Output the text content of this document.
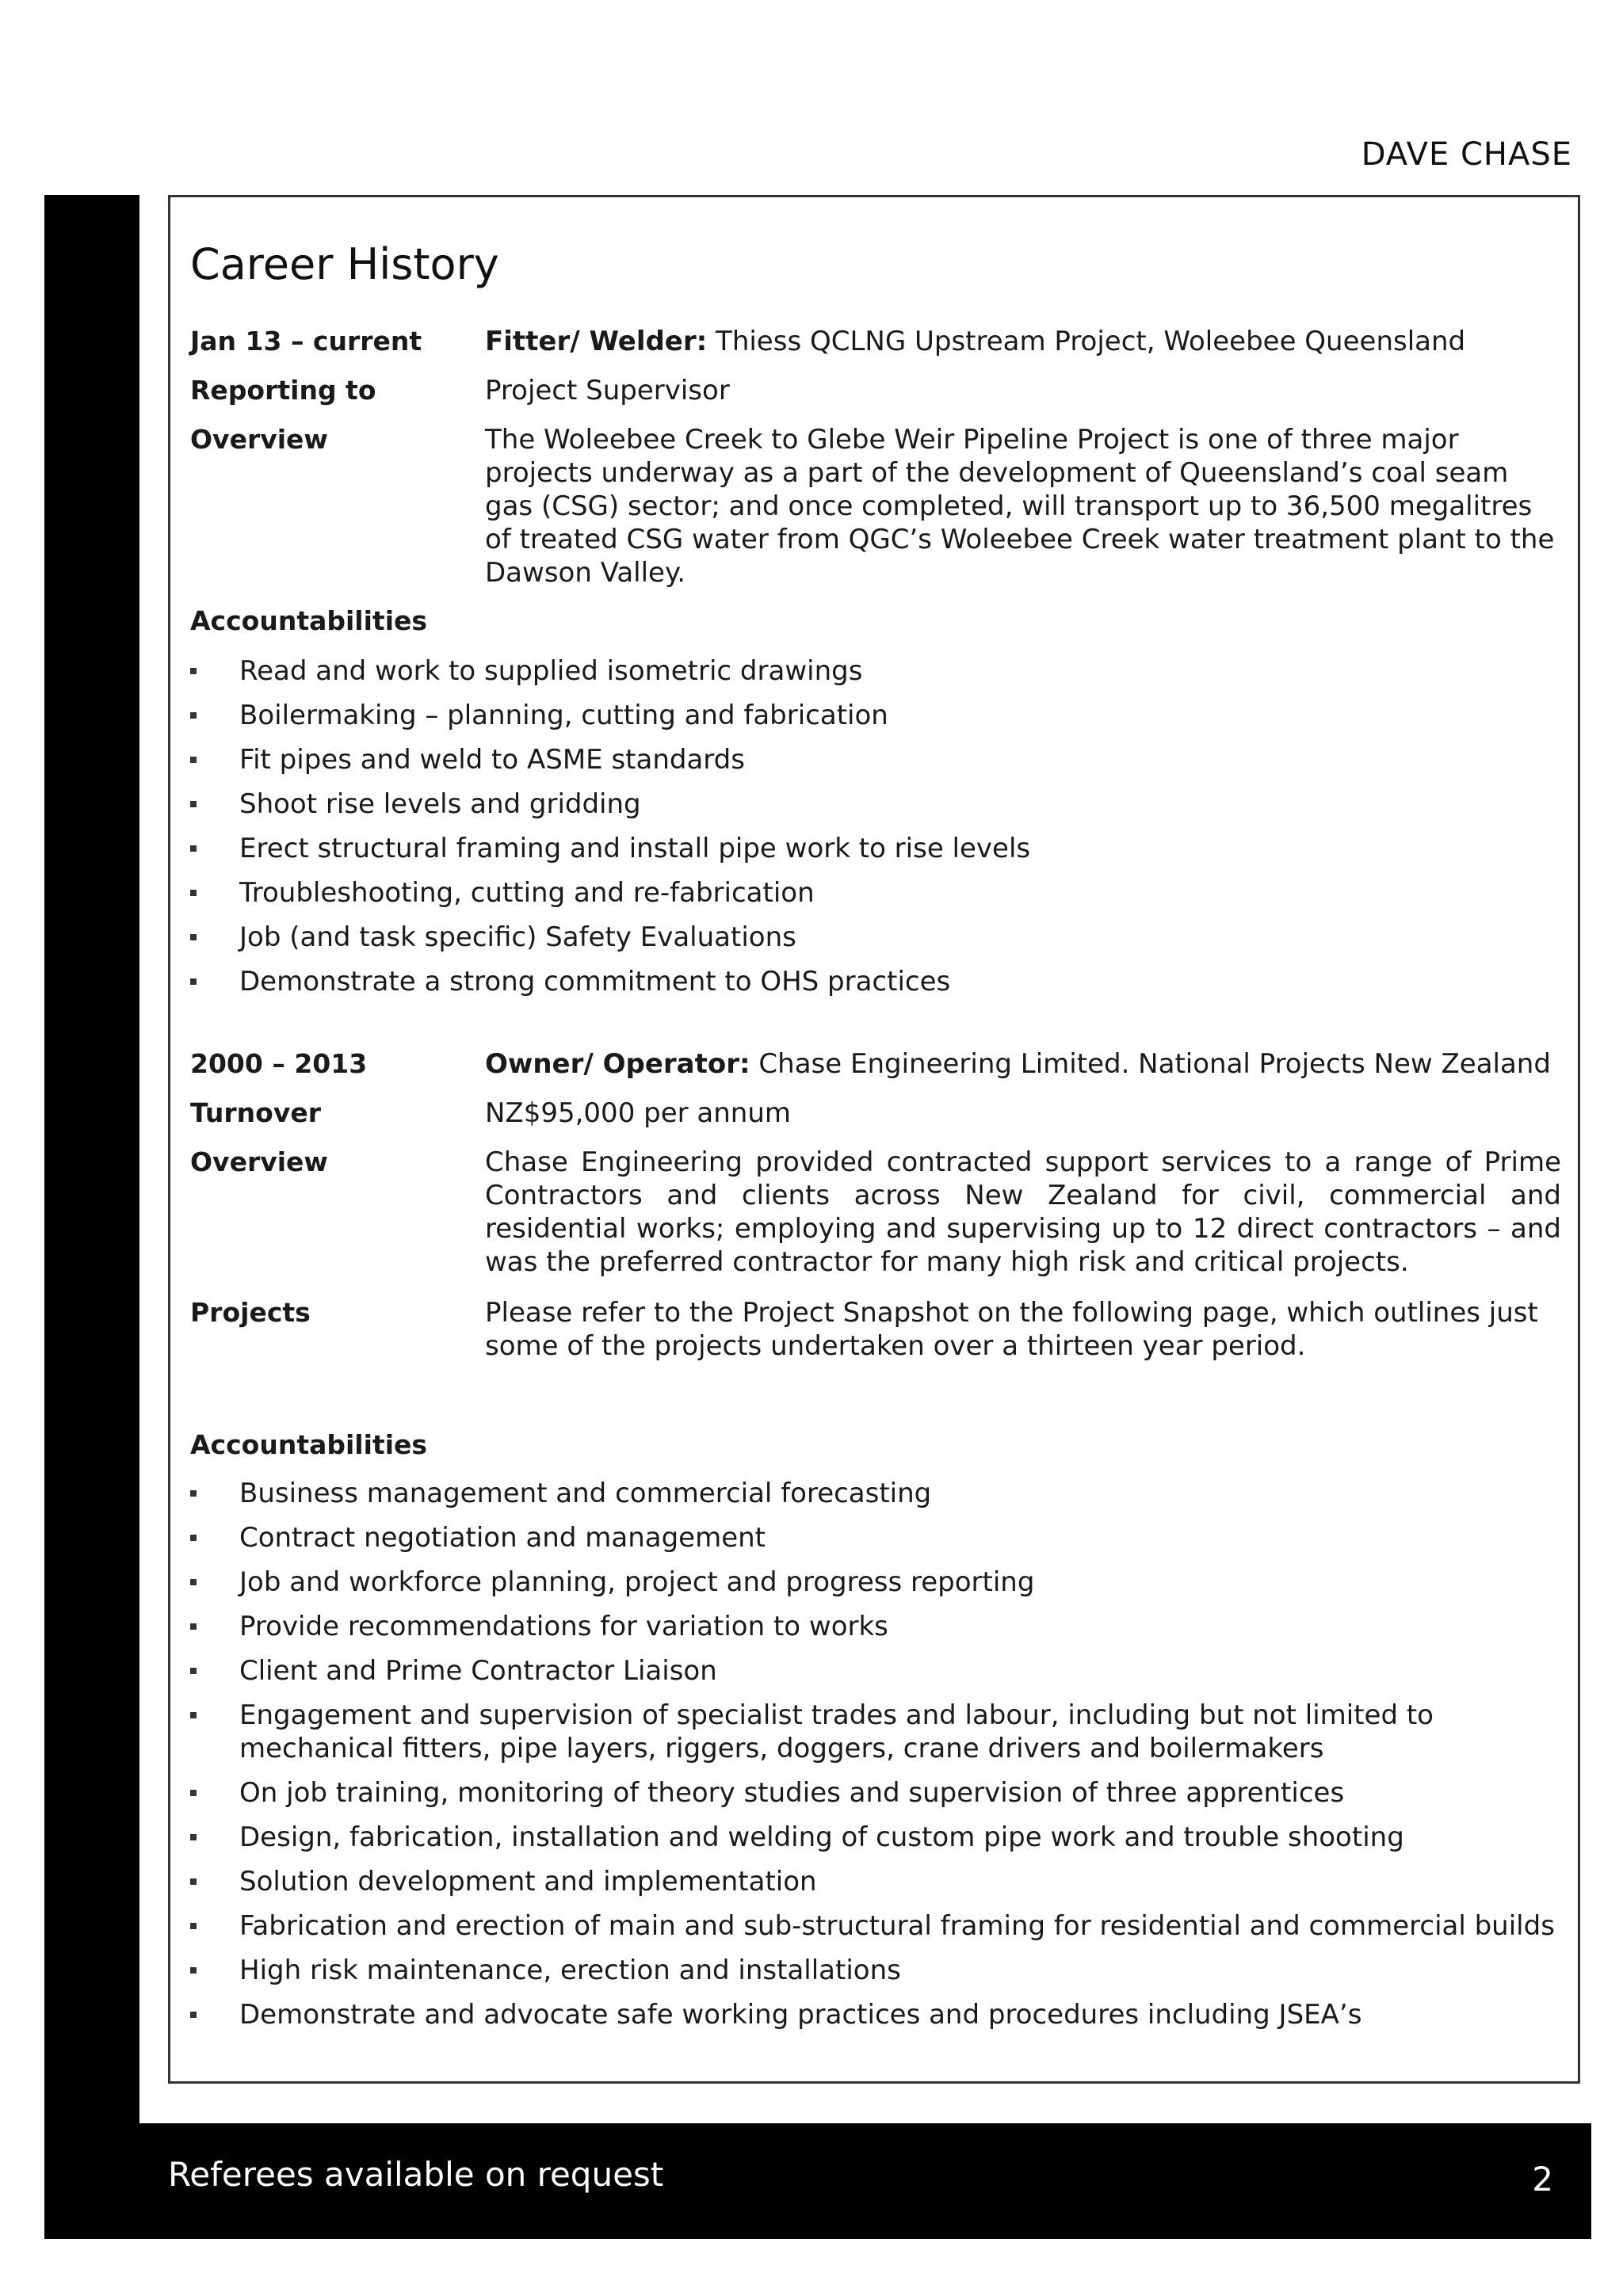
DAVE CHASE
Referees available on request	2
Career History
Jan 13 – current	Fitter/ Welder: Thiess QCLNG Upstream Project, Woleebee Queensland
Reporting to	Project Supervisor
Overview	The Woleebee Creek to Glebe Weir Pipeline Project is one of three major projects underway as a part of the development of Queensland’s coal seam gas (CSG) sector; and once completed, will transport up to 36,500 megalitres of treated CSG water from QGC’s Woleebee Creek water treatment plant to the Dawson Valley.
Accountabilities
Read and work to supplied isometric drawings
Boilermaking – planning, cutting and fabrication
Fit pipes and weld to ASME standards
Shoot rise levels and gridding
Erect structural framing and install pipe work to rise levels
Troubleshooting, cutting and re-fabrication
Job (and task specific) Safety Evaluations
Demonstrate a strong commitment to OHS practices
2000 – 2013	Owner/ Operator: Chase Engineering Limited. National Projects New Zealand
Turnover	NZ$95,000 per annum
Overview	Chase Engineering provided contracted support services to a range of Prime Contractors and clients across New Zealand for civil, commercial and residential works; employing and supervising up to 12 direct contractors – and was the preferred contractor for many high risk and critical projects.
Projects	Please refer to the Project Snapshot on the following page, which outlines just some of the projects undertaken over a thirteen year period.
Accountabilities
Business management and commercial forecasting
Contract negotiation and management
Job and workforce planning, project and progress reporting
Provide recommendations for variation to works
Client and Prime Contractor Liaison
Engagement and supervision of specialist trades and labour, including but not limited to mechanical fitters, pipe layers, riggers, doggers, crane drivers and boilermakers
On job training, monitoring of theory studies and supervision of three apprentices
Design, fabrication, installation and welding of custom pipe work and trouble shooting
Solution development and implementation
Fabrication and erection of main and sub-structural framing for residential and commercial builds
High risk maintenance, erection and installations
Demonstrate and advocate safe working practices and procedures including JSEA’s
